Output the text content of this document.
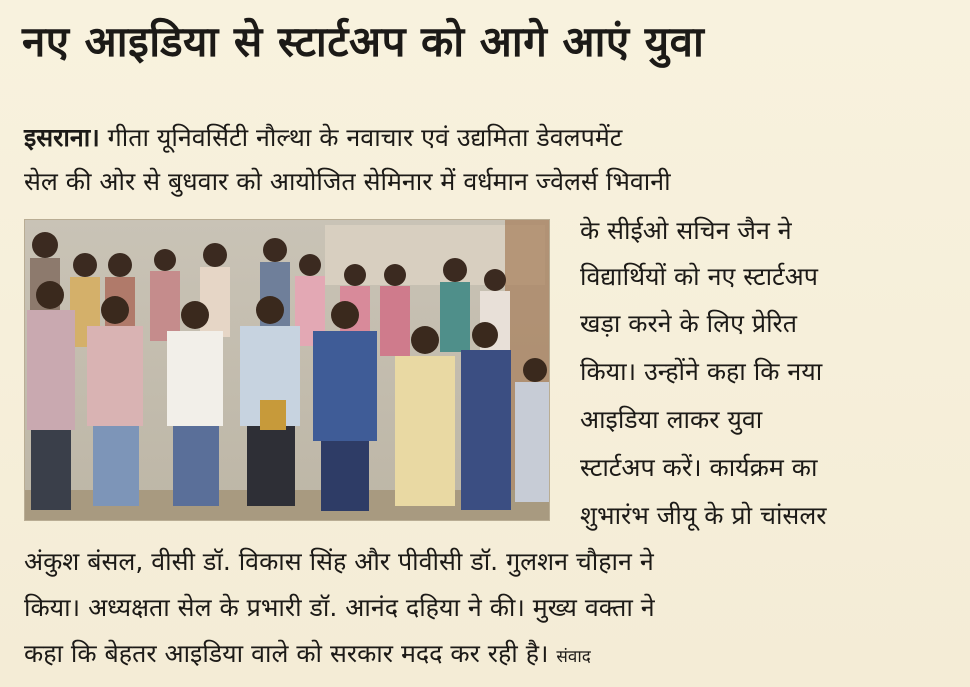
नए आइडिया से स्टार्टअप को आगे आएं युवा
इसराना। गीता यूनिवर्सिटी नौल्था के नवाचार एवं उद्यमिता डेवलपमेंट
सेल की ओर से बुधवार को आयोजित सेमिनार में वर्धमान ज्वेलर्स भिवानी
के सीईओ सचिन जैन ने
विद्यार्थियों को नए स्टार्टअप
खड़ा करने के लिए प्रेरित
किया। उन्होंने कहा कि नया
आइडिया लाकर युवा
स्टार्टअप करें। कार्यक्रम का
शुभारंभ जीयू के प्रो चांसलर
अंकुश बंसल, वीसी डॉ. विकास सिंह और पीवीसी डॉ. गुलशन चौहान ने
किया। अध्यक्षता सेल के प्रभारी डॉ. आनंद दहिया ने की। मुख्य वक्ता ने
कहा कि बेहतर आइडिया वाले को सरकार मदद कर रही है। संवाद
